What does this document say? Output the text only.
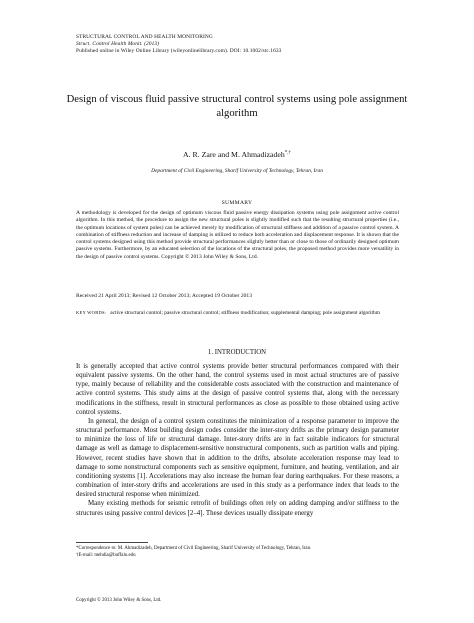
STRUCTURAL CONTROL AND HEALTH MONITORING
Struct. Control Health Monit. (2013)
Published online in Wiley Online Library (wileyonlinelibrary.com). DOI: 10.1002/stc.1633
Design of viscous fluid passive structural control systems using pole assignment algorithm
A. R. Zare and M. Ahmadizadeh*,†
Department of Civil Engineering, Sharif University of Technology, Tehran, Iran
SUMMARY

A methodology is developed for the design of optimum viscous fluid passive energy dissipation systems using pole assignment active control algorithm. In this method, the procedure to assign the new structural poles is slightly modified such that the resulting structural properties (i.e., the optimum locations of system poles) can be achieved merely by modification of structural stiffness and addition of a passive control system. A combination of stiffness reduction and increase of damping is utilized to reduce both acceleration and displacement response. It is shown that the control systems designed using this method provide structural performances slightly better than or close to those of ordinarily designed optimum passive systems. Furthermore, by an educated selection of the locations of the structural poles, the proposed method provides more versatility in the design of passive control systems. Copyright © 2013 John Wiley & Sons, Ltd.

Received 21 April 2013; Revised 12 October 2013; Accepted 19 October 2013

KEY WORDS: active structural control; passive structural control; stiffness modification; supplemental damping; pole assignment algorithm

1. INTRODUCTION

It is generally accepted that active control systems provide better structural performances compared with their equivalent passive systems. On the other hand, the control systems used in most actual structures are of passive type, mainly because of reliability and the considerable costs associated with the construction and maintenance of active control systems. This study aims at the design of passive control systems that, along with the necessary modifications in the stiffness, result in structural performances as close as possible to those obtained using active control systems.

In general, the design of a control system constitutes the minimization of a response parameter to improve the structural performance. Most building design codes consider the inter-story drifts as the primary design parameter to minimize the loss of life or structural damage. Inter-story drifts are in fact suitable indicators for structural damage as well as damage to displacement-sensitive nonstructural components, such as partition walls and piping. However, recent studies have shown that in addition to the drifts, absolute acceleration response may lead to damage to some nonstructural components such as sensitive equipment, furniture, and heating, ventilation, and air conditioning systems [1]. Accelerations may also increase the human fear during earthquakes. For these reasons, a combination of inter-story drifts and accelerations are used in this study as a performance index that leads to the desired structural response when minimized.

Many existing methods for seismic retrofit of buildings often rely on adding damping and/or stiffness to the structures using passive control devices [2–4]. These devices usually dissipate energy

*Correspondence to: M. Ahmadizadeh, Department of Civil Engineering, Sharif University of Technology, Tehran, Iran.
†E-mail: mehdia@buffalo.edu
Copyright © 2013 John Wiley & Sons, Ltd.
